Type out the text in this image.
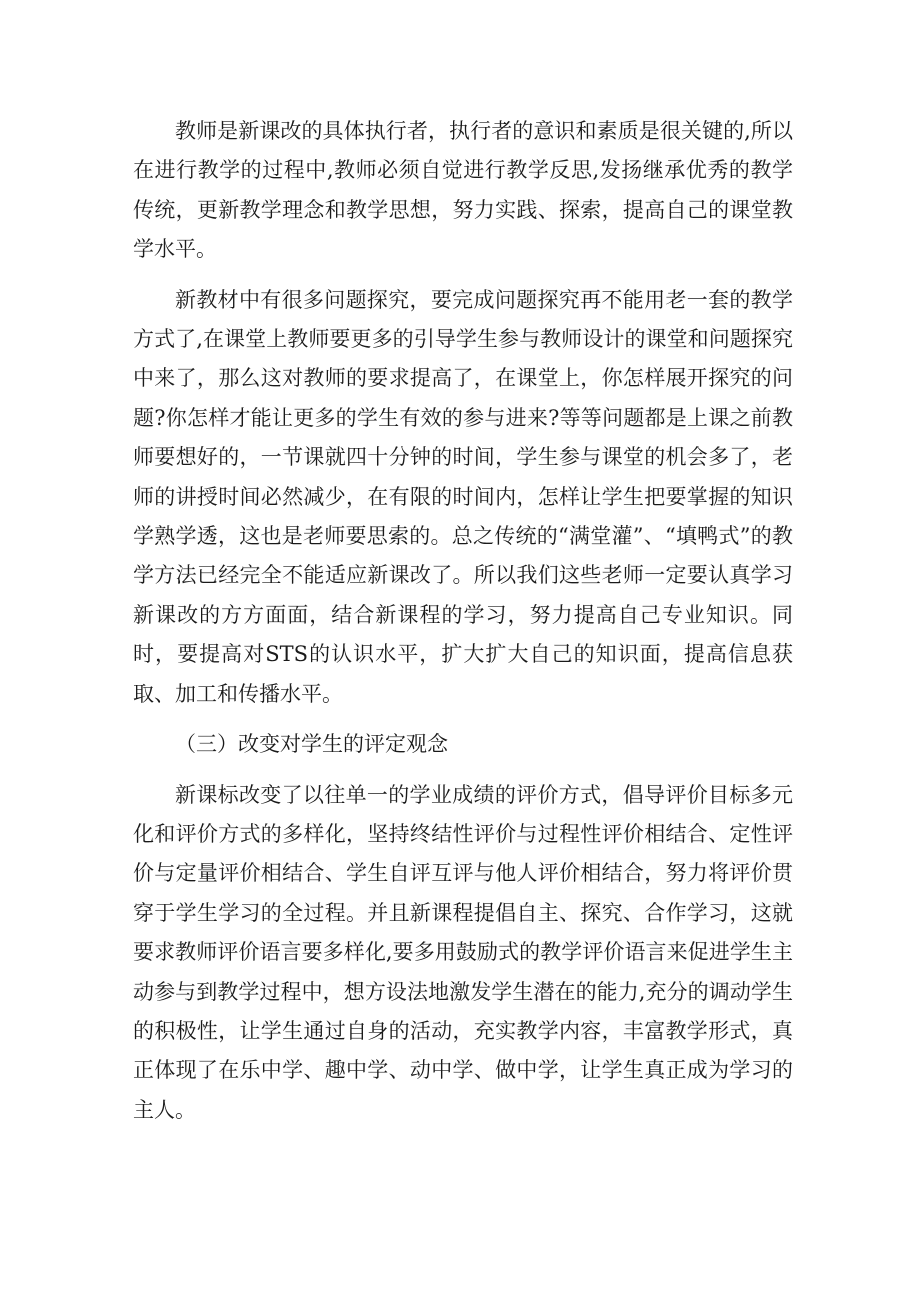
教师是新课改的具体执行者，执行者的意识和素质是很关键的,所以在进行教学的过程中,教师必须自觉进行教学反思,发扬继承优秀的教学传统，更新教学理念和教学思想，努力实践、探索，提高自己的课堂教学水平。

新教材中有很多问题探究，要完成问题探究再不能用老一套的教学方式了,在课堂上教师要更多的引导学生参与教师设计的课堂和问题探究中来了，那么这对教师的要求提高了，在课堂上，你怎样展开探究的问题?你怎样才能让更多的学生有效的参与进来?等等问题都是上课之前教师要想好的，一节课就四十分钟的时间，学生参与课堂的机会多了，老师的讲授时间必然减少，在有限的时间内，怎样让学生把要掌握的知识学熟学透，这也是老师要思索的。总之传统的“满堂灌”、“填鸭式”的教学方法已经完全不能适应新课改了。所以我们这些老师一定要认真学习新课改的方方面面，结合新课程的学习，努力提高自己专业知识。同时，要提高对STS的认识水平，扩大扩大自己的知识面，提高信息获取、加工和传播水平。

（三）改变对学生的评定观念

新课标改变了以往单一的学业成绩的评价方式，倡导评价目标多元化和评价方式的多样化，坚持终结性评价与过程性评价相结合、定性评价与定量评价相结合、学生自评互评与他人评价相结合，努力将评价贯穿于学生学习的全过程。并且新课程提倡自主、探究、合作学习，这就要求教师评价语言要多样化,要多用鼓励式的教学评价语言来促进学生主动参与到教学过程中，想方设法地激发学生潜在的能力,充分的调动学生的积极性，让学生通过自身的活动，充实教学内容，丰富教学形式，真正体现了在乐中学、趣中学、动中学、做中学，让学生真正成为学习的主人。
